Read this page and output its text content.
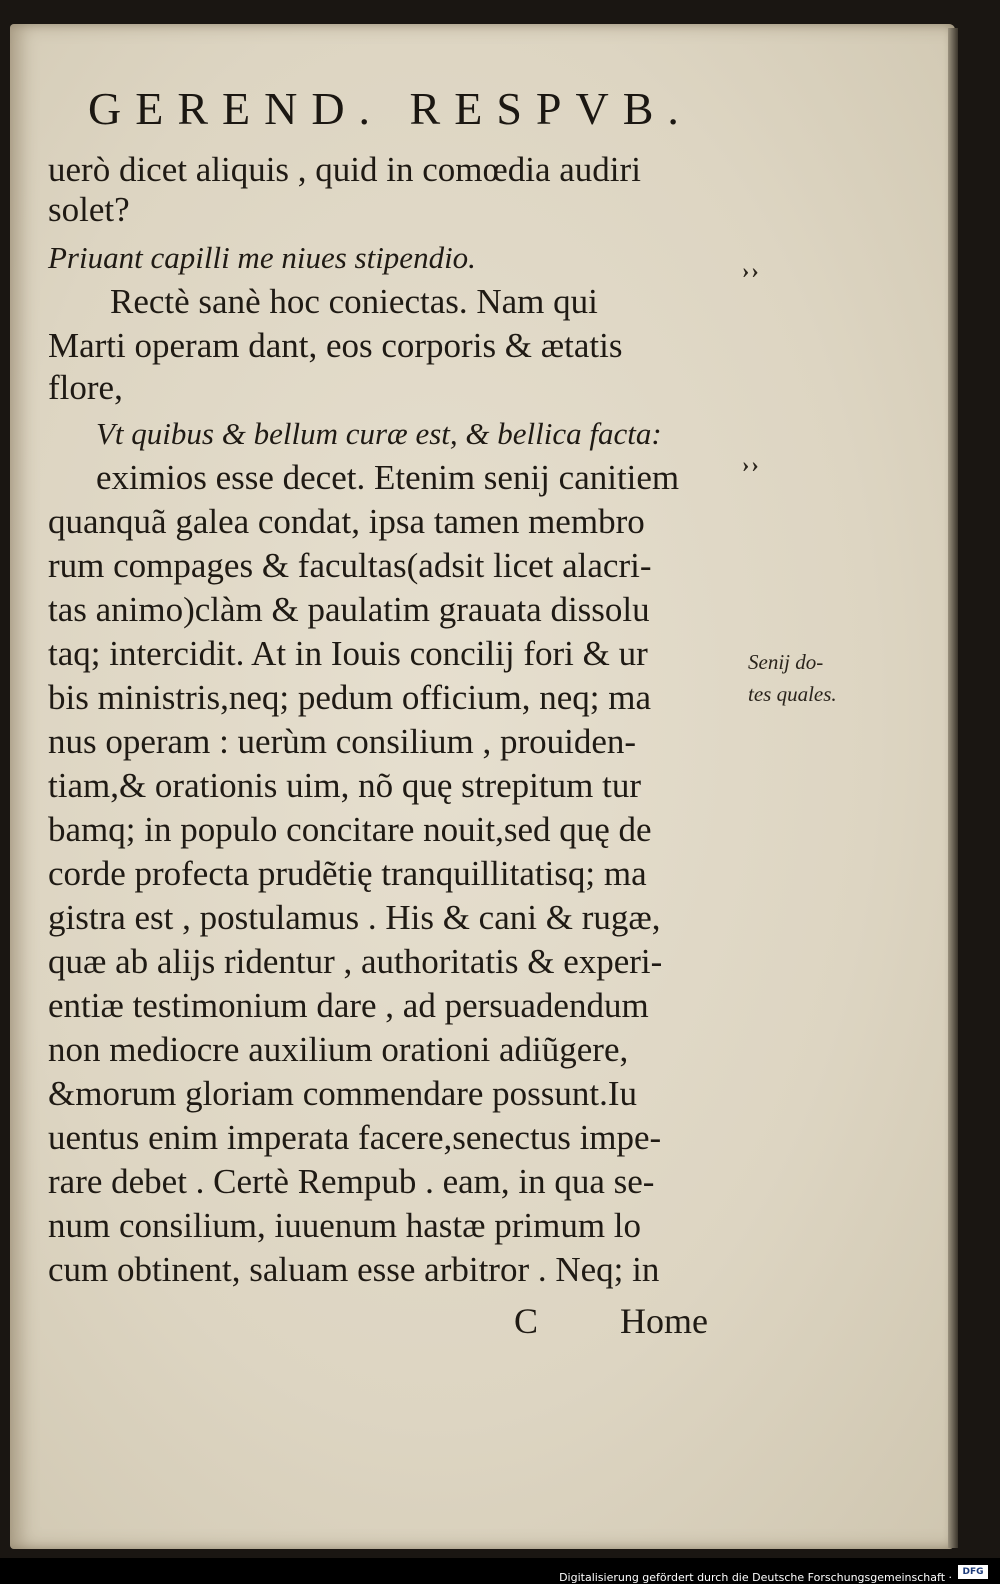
GEREND. RESPVB.
uerò dicet aliquis , quid in comœdia audiri
solet?
Priuant capilli me niues stipendio.
Rectè sanè hoc coniectas. Nam qui
Marti operam dant, eos corporis & ætatis
flore,
Vt quibus & bellum curæ est, & bellica facta:
eximios esse decet. Etenim senij canitiem
quanquã galea condat, ipsa tamen membro
rum compages & facultas(adsit licet alacri-
tas animo)clàm & paulatim grauata dissolu
taq; intercidit. At in Iouis concilij fori & ur
bis ministris,neq; pedum officium, neq; ma
nus operam : uerùm consilium , prouiden-
tiam,& orationis uim, nõ quę strepitum tur
bamq; in populo concitare nouit,sed quę de
corde profecta prudẽtię tranquillitatisq; ma
gistra est , postulamus . His & cani & rugæ,
quæ ab alijs ridentur , authoritatis & experi-
entiæ testimonium dare , ad persuadendum
non mediocre auxilium orationi adiũgere,
&morum gloriam commendare possunt.Iu
uentus enim imperata facere,senectus impe-
rare debet . Certè Rempub . eam, in qua se-
num consilium, iuuenum hastæ primum lo
cum obtinent, saluam esse arbitror . Neq; in
››
››
Senij do-
tes quales.
C Home
Digitalisierung gefördert durch die Deutsche Forschungsgemeinschaft ·	DFG
